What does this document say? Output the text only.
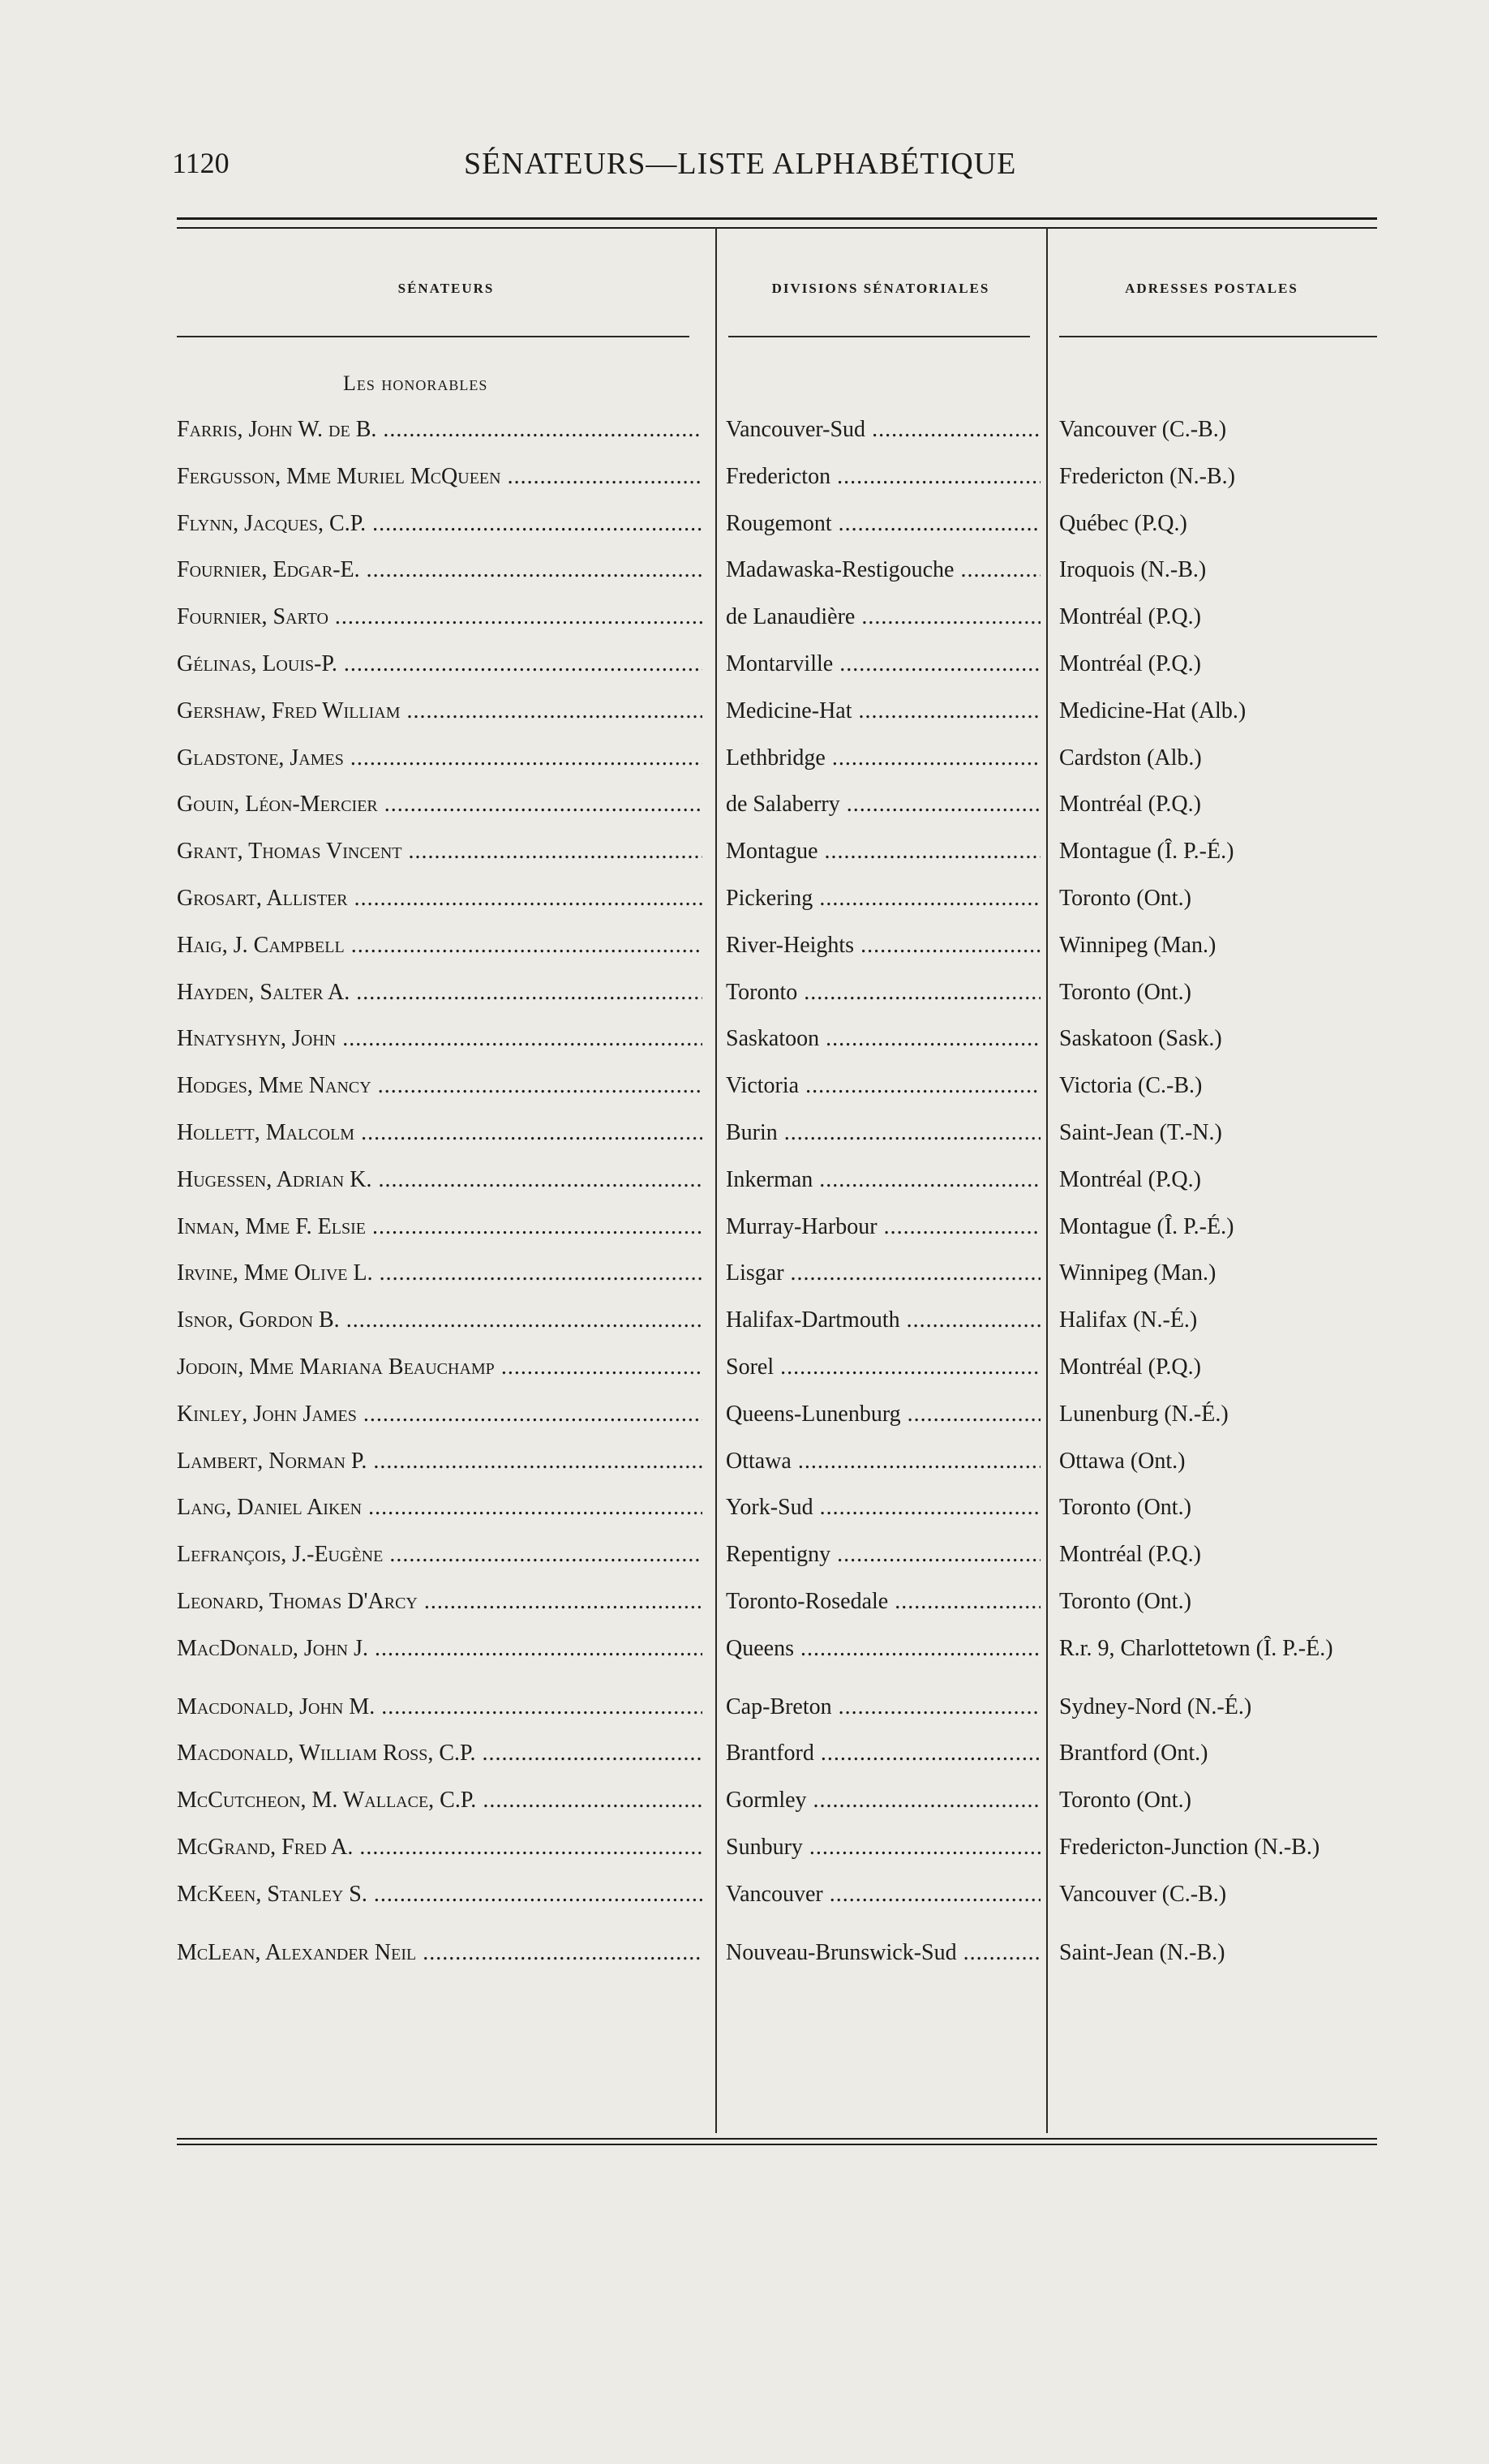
1120	SÉNATEURS—LISTE ALPHABÉTIQUE
SÉNATEURS	DIVISIONS SÉNATORIALES	ADRESSES POSTALES
Les honorables
Farris, John W. de B. .....	Vancouver-Sud .....	Vancouver (C.-B.)
Fergusson, Mme Muriel McQueen .....	Fredericton .....	Fredericton (N.-B.)
Flynn, Jacques, C.P. .....	Rougemont .....	Québec (P.Q.)
Fournier, Edgar-E. .....	Madawaska-Restigouche .....	Iroquois (N.-B.)
Fournier, Sarto .....	de Lanaudière .....	Montréal (P.Q.)
Gélinas, Louis-P. .....	Montarville .....	Montréal (P.Q.)
Gershaw, Fred William .....	Medicine-Hat .....	Medicine-Hat (Alb.)
Gladstone, James .....	Lethbridge .....	Cardston (Alb.)
Gouin, Léon-Mercier .....	de Salaberry .....	Montréal (P.Q.)
Grant, Thomas Vincent .....	Montague .....	Montague (Î. P.-É.)
Grosart, Allister .....	Pickering .....	Toronto (Ont.)
Haig, J. Campbell .....	River-Heights .....	Winnipeg (Man.)
Hayden, Salter A. .....	Toronto .....	Toronto (Ont.)
Hnatyshyn, John .....	Saskatoon .....	Saskatoon (Sask.)
Hodges, Mme Nancy .....	Victoria .....	Victoria (C.-B.)
Hollett, Malcolm .....	Burin .....	Saint-Jean (T.-N.)
Hugessen, Adrian K. .....	Inkerman .....	Montréal (P.Q.)
Inman, Mme F. Elsie .....	Murray-Harbour .....	Montague (Î. P.-É.)
Irvine, Mme Olive L. .....	Lisgar .....	Winnipeg (Man.)
Isnor, Gordon B. .....	Halifax-Dartmouth .....	Halifax (N.-É.)
Jodoin, Mme Mariana Beauchamp .....	Sorel .....	Montréal (P.Q.)
Kinley, John James .....	Queens-Lunenburg .....	Lunenburg (N.-É.)
Lambert, Norman P. .....	Ottawa .....	Ottawa (Ont.)
Lang, Daniel Aiken .....	York-Sud .....	Toronto (Ont.)
Lefrançois, J.-Eugène .....	Repentigny .....	Montréal (P.Q.)
Leonard, Thomas D'Arcy .....	Toronto-Rosedale .....	Toronto (Ont.)
MacDonald, John J. .....	Queens .....	R.r. 9, Charlottetown (Î. P.-É.)
Macdonald, John M. .....	Cap-Breton .....	Sydney-Nord (N.-É.)
Macdonald, William Ross, C.P. .....	Brantford .....	Brantford (Ont.)
McCutcheon, M. Wallace, C.P. .....	Gormley .....	Toronto (Ont.)
McGrand, Fred A. .....	Sunbury .....	Fredericton-Junction (N.-B.)
McKeen, Stanley S. .....	Vancouver .....	Vancouver (C.-B.)
McLean, Alexander Neil .....	Nouveau-Brunswick-Sud .....	Saint-Jean (N.-B.)
